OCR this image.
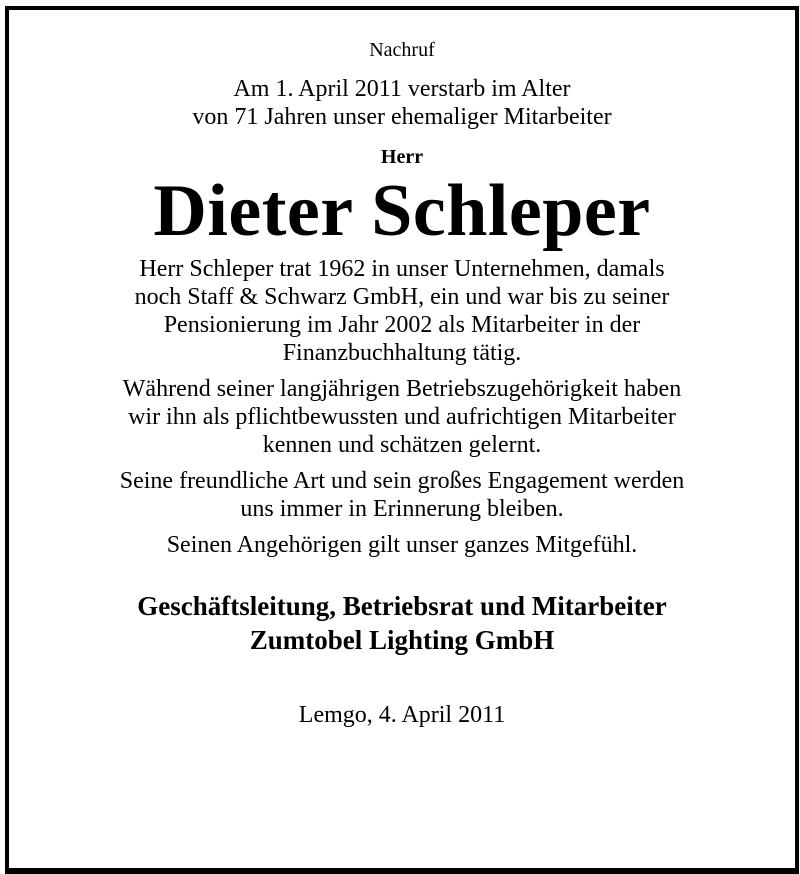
Nachruf
Am 1. April 2011 verstarb im Alter
von 71 Jahren unser ehemaliger Mitarbeiter
Herr
Dieter Schleper
Herr Schleper trat 1962 in unser Unternehmen, damals
noch Staff & Schwarz GmbH, ein und war bis zu seiner
Pensionierung im Jahr 2002 als Mitarbeiter in der
Finanzbuchhaltung tätig.
Während seiner langjährigen Betriebszugehörigkeit haben
wir ihn als pflichtbewussten und aufrichtigen Mitarbeiter
kennen und schätzen gelernt.
Seine freundliche Art und sein großes Engagement werden
uns immer in Erinnerung bleiben.
Seinen Angehörigen gilt unser ganzes Mitgefühl.
Geschäftsleitung, Betriebsrat und Mitarbeiter
Zumtobel Lighting GmbH
Lemgo, 4. April 2011
